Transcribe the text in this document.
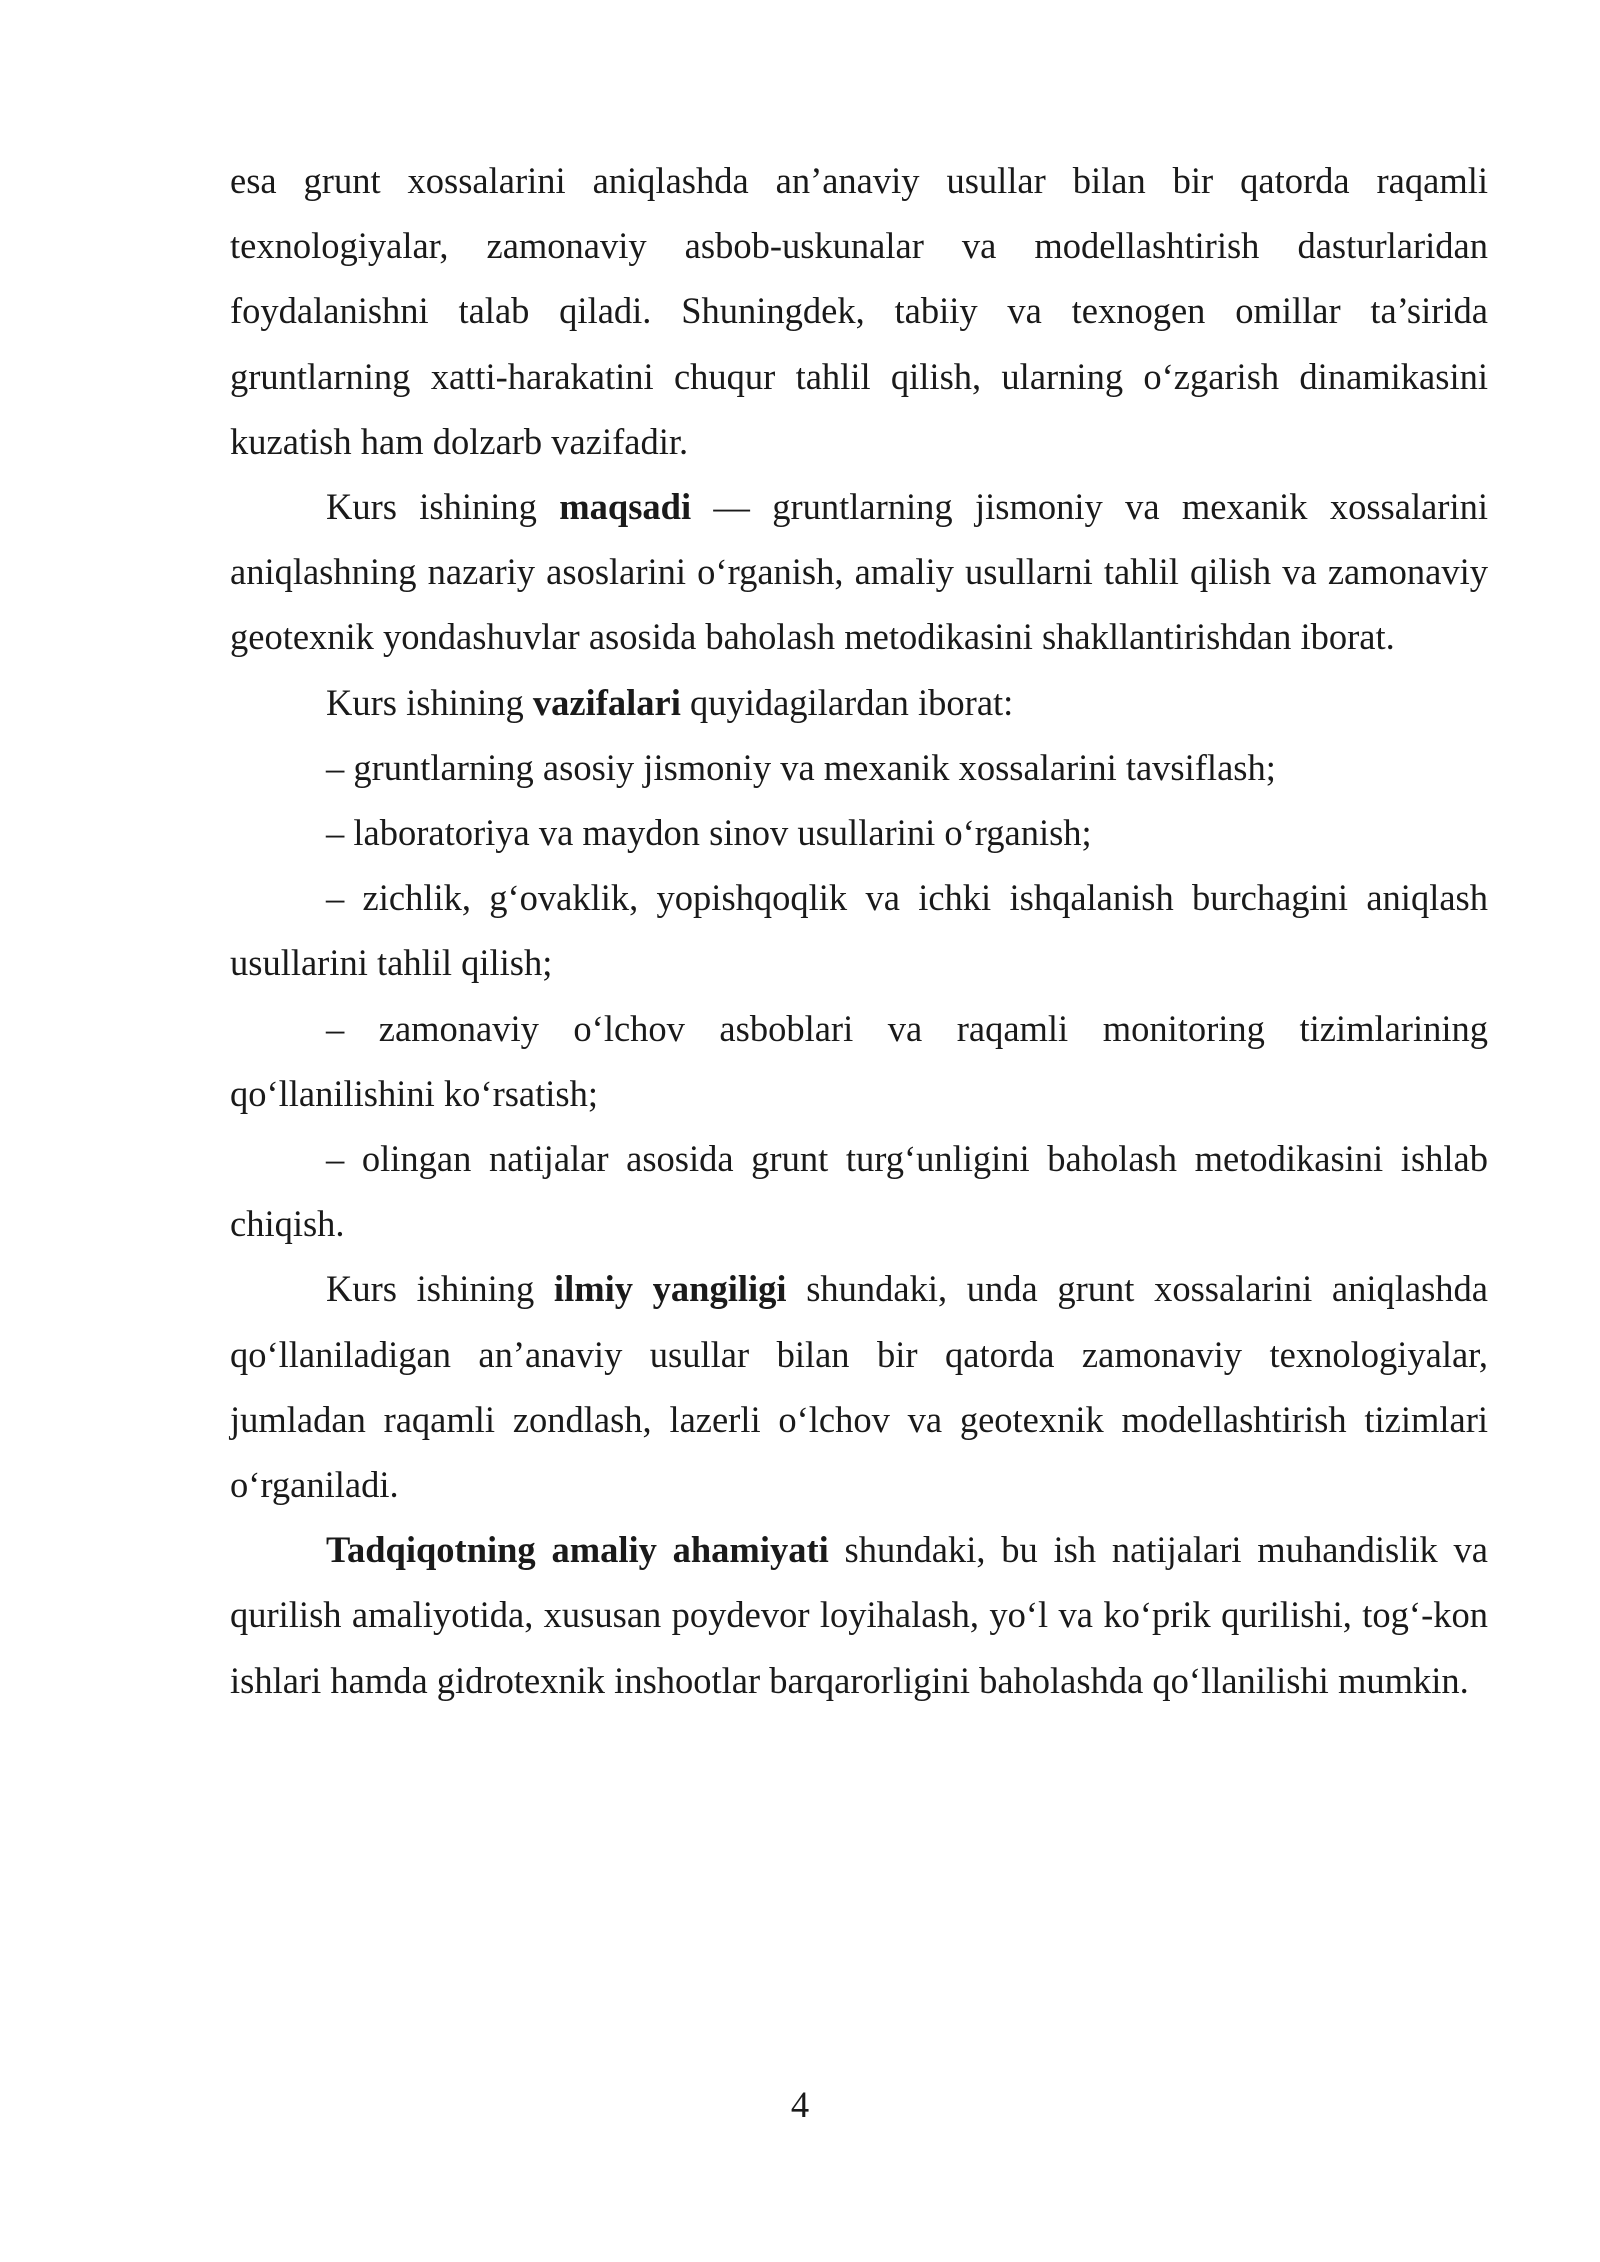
esa grunt xossalarini aniqlashda an’anaviy usullar bilan bir qatorda raqamli texnologiyalar, zamonaviy asbob-uskunalar va modellashtirish dasturlaridan foydalanishni talab qiladi. Shuningdek, tabiiy va texnogen omillar ta’sirida gruntlarning xatti-harakatini chuqur tahlil qilish, ularning oʻzgarish dinamikasini kuzatish ham dolzarb vazifadir.

Kurs ishining maqsadi — gruntlarning jismoniy va mexanik xossalarini aniqlashning nazariy asoslarini oʻrganish, amaliy usullarni tahlil qilish va zamonaviy geotexnik yondashuvlar asosida baholash metodikasini shakllantirishdan iborat.

Kurs ishining vazifalari quyidagilardan iborat:

– gruntlarning asosiy jismoniy va mexanik xossalarini tavsiflash;

– laboratoriya va maydon sinov usullarini oʻrganish;

– zichlik, gʻovaklik, yopishqoqlik va ichki ishqalanish burchagini aniqlash usullarini tahlil qilish;

– zamonaviy oʻlchov asboblari va raqamli monitoring tizimlarining qoʻllanilishini koʻrsatish;

– olingan natijalar asosida grunt turgʻunligini baholash metodikasini ishlab chiqish.

Kurs ishining ilmiy yangiligi shundaki, unda grunt xossalarini aniqlashda qoʻllaniladigan an’anaviy usullar bilan bir qatorda zamonaviy texnologiyalar, jumladan raqamli zondlash, lazerli oʻlchov va geotexnik modellashtirish tizimlari oʻrganiladi.

Tadqiqotning amaliy ahamiyati shundaki, bu ish natijalari muhandislik va qurilish amaliyotida, xususan poydevor loyihalash, yoʻl va koʻprik qurilishi, togʻ-kon ishlari hamda gidrotexnik inshootlar barqarorligini baholashda qoʻllanilishi mumkin.

4
